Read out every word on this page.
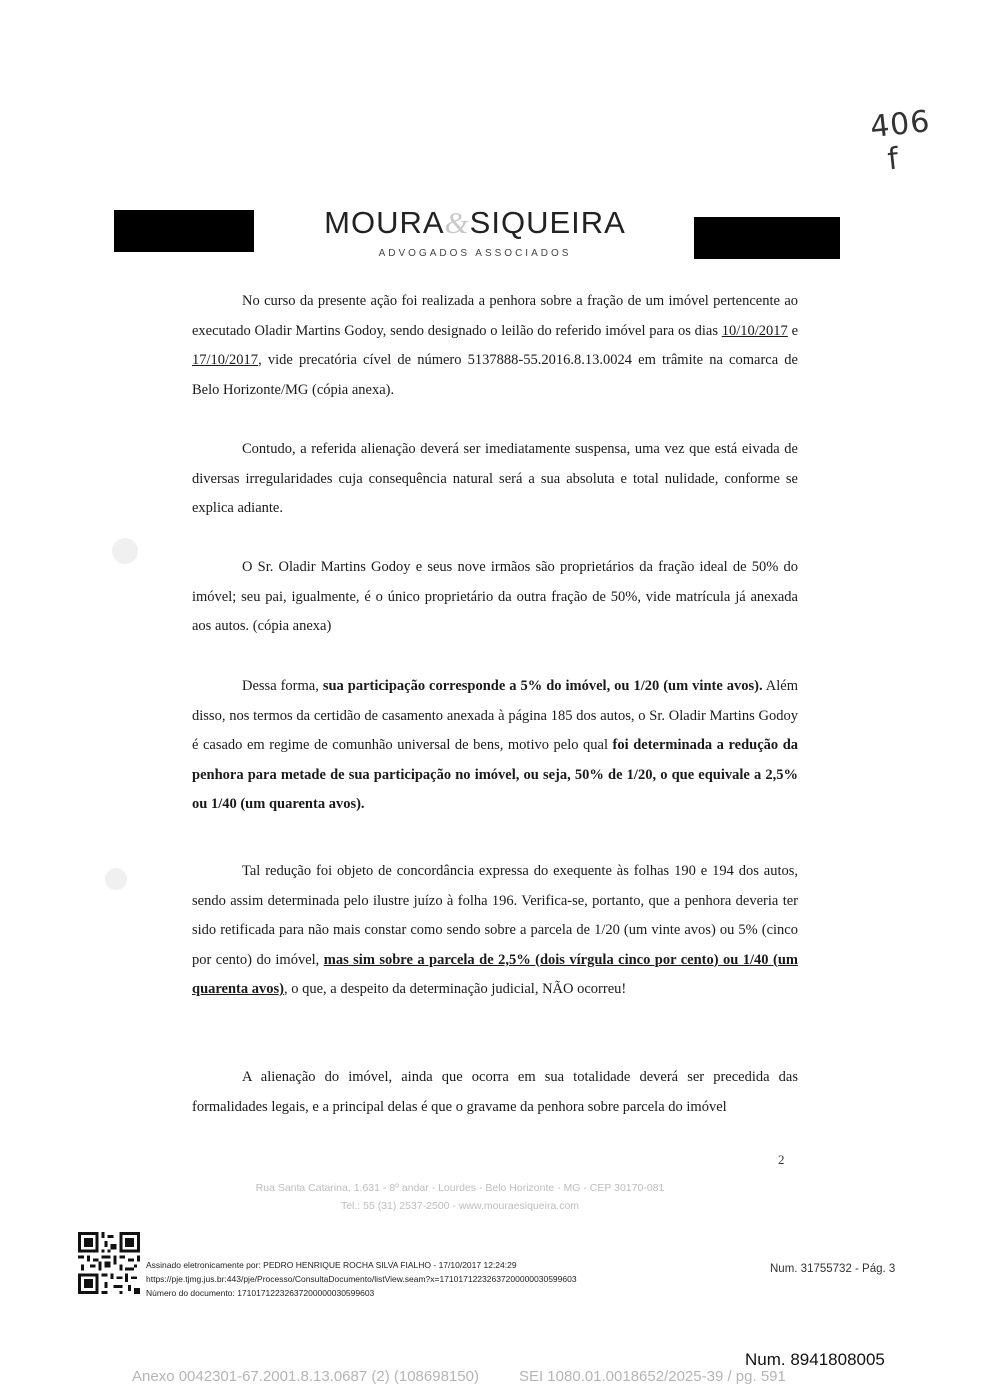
406
f
MOURA&SIQUEIRA
ADVOGADOS ASSOCIADOS

No curso da presente ação foi realizada a penhora sobre a fração de um imóvel pertencente ao executado Oladir Martins Godoy, sendo designado o leilão do referido imóvel para os dias 10/10/2017 e 17/10/2017, vide precatória cível de número 5137888-55.2016.8.13.0024 em trâmite na comarca de Belo Horizonte/MG (cópia anexa).

Contudo, a referida alienação deverá ser imediatamente suspensa, uma vez que está eivada de diversas irregularidades cuja consequência natural será a sua absoluta e total nulidade, conforme se explica adiante.

O Sr. Oladir Martins Godoy e seus nove irmãos são proprietários da fração ideal de 50% do imóvel; seu pai, igualmente, é o único proprietário da outra fração de 50%, vide matrícula já anexada aos autos. (cópia anexa)

Dessa forma, sua participação corresponde a 5% do imóvel, ou 1/20 (um vinte avos). Além disso, nos termos da certidão de casamento anexada à página 185 dos autos, o Sr. Oladir Martins Godoy é casado em regime de comunhão universal de bens, motivo pelo qual foi determinada a redução da penhora para metade de sua participação no imóvel, ou seja, 50% de 1/20, o que equivale a 2,5% ou 1/40 (um quarenta avos).

Tal redução foi objeto de concordância expressa do exequente às folhas 190 e 194 dos autos, sendo assim determinada pelo ilustre juízo à folha 196. Verifica-se, portanto, que a penhora deveria ter sido retificada para não mais constar como sendo sobre a parcela de 1/20 (um vinte avos) ou 5% (cinco por cento) do imóvel, mas sim sobre a parcela de 2,5% (dois vírgula cinco por cento) ou 1/40 (um quarenta avos), o que, a despeito da determinação judicial, NÃO ocorreu!

A alienação do imóvel, ainda que ocorra em sua totalidade deverá ser precedida das formalidades legais, e a principal delas é que o gravame da penhora sobre parcela do imóvel

2
Rua Santa Catarina, 1.631 - 8º andar - Lourdes - Belo Horizonte - MG - CEP 30170-081
Tel.: 55 (31) 2537-2500 - www.mouraesiqueira.com
Assinado eletronicamente por: PEDRO HENRIQUE ROCHA SILVA FIALHO - 17/10/2017 12:24:29
https://pje.tjmg.jus.br:443/pje/Processo/ConsultaDocumento/listView.seam?x=17101712232637200000030599603
Número do documento: 17101712232637200000030599603
Num. 31755732 - Pág. 3
Num. 8941808005
Anexo 0042301-67.2001.8.13.0687 (2) (108698150)	SEI 1080.01.0018652/2025-39 / pg. 591
